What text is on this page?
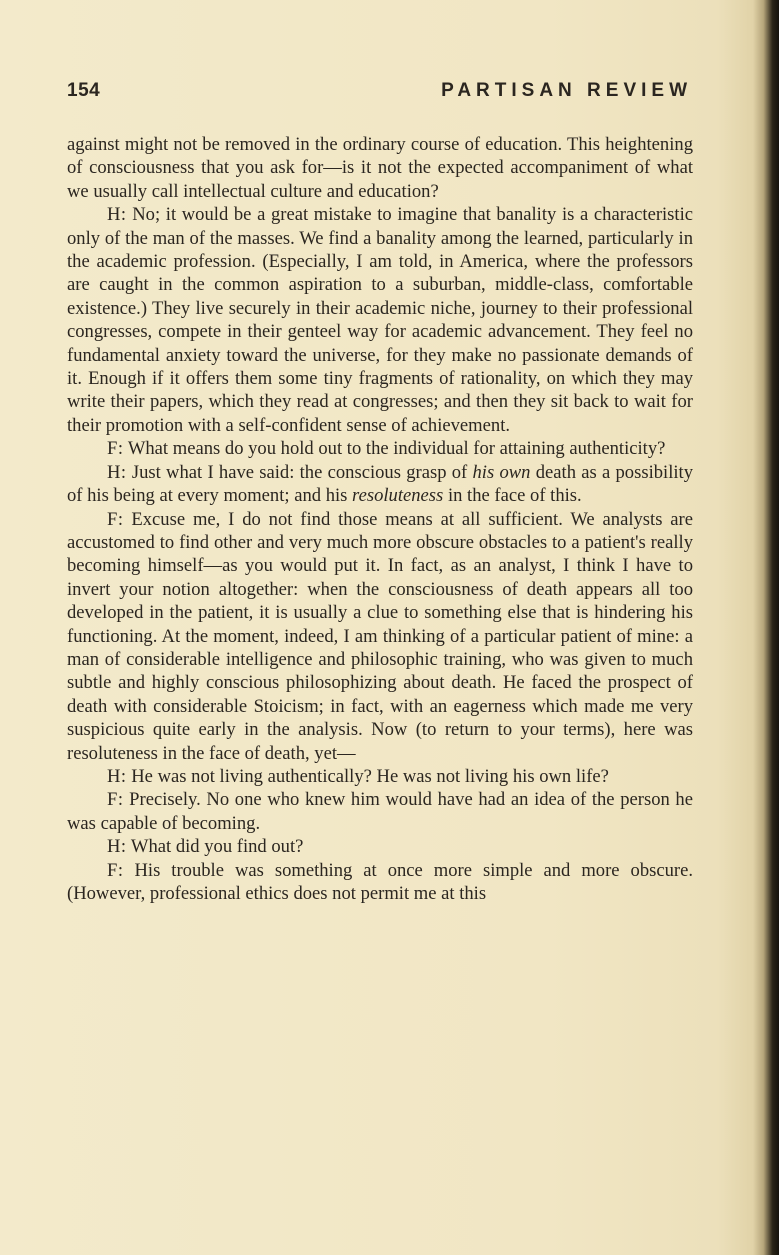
154	PARTISAN REVIEW

against might not be removed in the ordinary course of education. This heightening of consciousness that you ask for—is it not the expected accompaniment of what we usually call intellectual culture and education?

H: No; it would be a great mistake to imagine that banality is a characteristic only of the man of the masses. We find a banality among the learned, particularly in the academic profession. (Especially, I am told, in America, where the professors are caught in the common aspiration to a suburban, middle-class, comfortable existence.) They live securely in their academic niche, journey to their professional congresses, compete in their genteel way for academic advancement. They feel no fundamental anxiety toward the universe, for they make no passionate demands of it. Enough if it offers them some tiny fragments of rationality, on which they may write their papers, which they read at congresses; and then they sit back to wait for their promotion with a self-confident sense of achievement.

F: What means do you hold out to the individual for attaining authenticity?

H: Just what I have said: the conscious grasp of his own death as a possibility of his being at every moment; and his resoluteness in the face of this.

F: Excuse me, I do not find those means at all sufficient. We analysts are accustomed to find other and very much more obscure obstacles to a patient's really becoming himself—as you would put it. In fact, as an analyst, I think I have to invert your notion altogether: when the consciousness of death appears all too developed in the patient, it is usually a clue to something else that is hindering his functioning. At the moment, indeed, I am thinking of a particular patient of mine: a man of considerable intelligence and philosophic training, who was given to much subtle and highly conscious philosophizing about death. He faced the prospect of death with considerable Stoicism; in fact, with an eagerness which made me very suspicious quite early in the analysis. Now (to return to your terms), here was resoluteness in the face of death, yet—

H: He was not living authentically? He was not living his own life?

F: Precisely. No one who knew him would have had an idea of the person he was capable of becoming.

H: What did you find out?

F: His trouble was something at once more simple and more obscure. (However, professional ethics does not permit me at this
